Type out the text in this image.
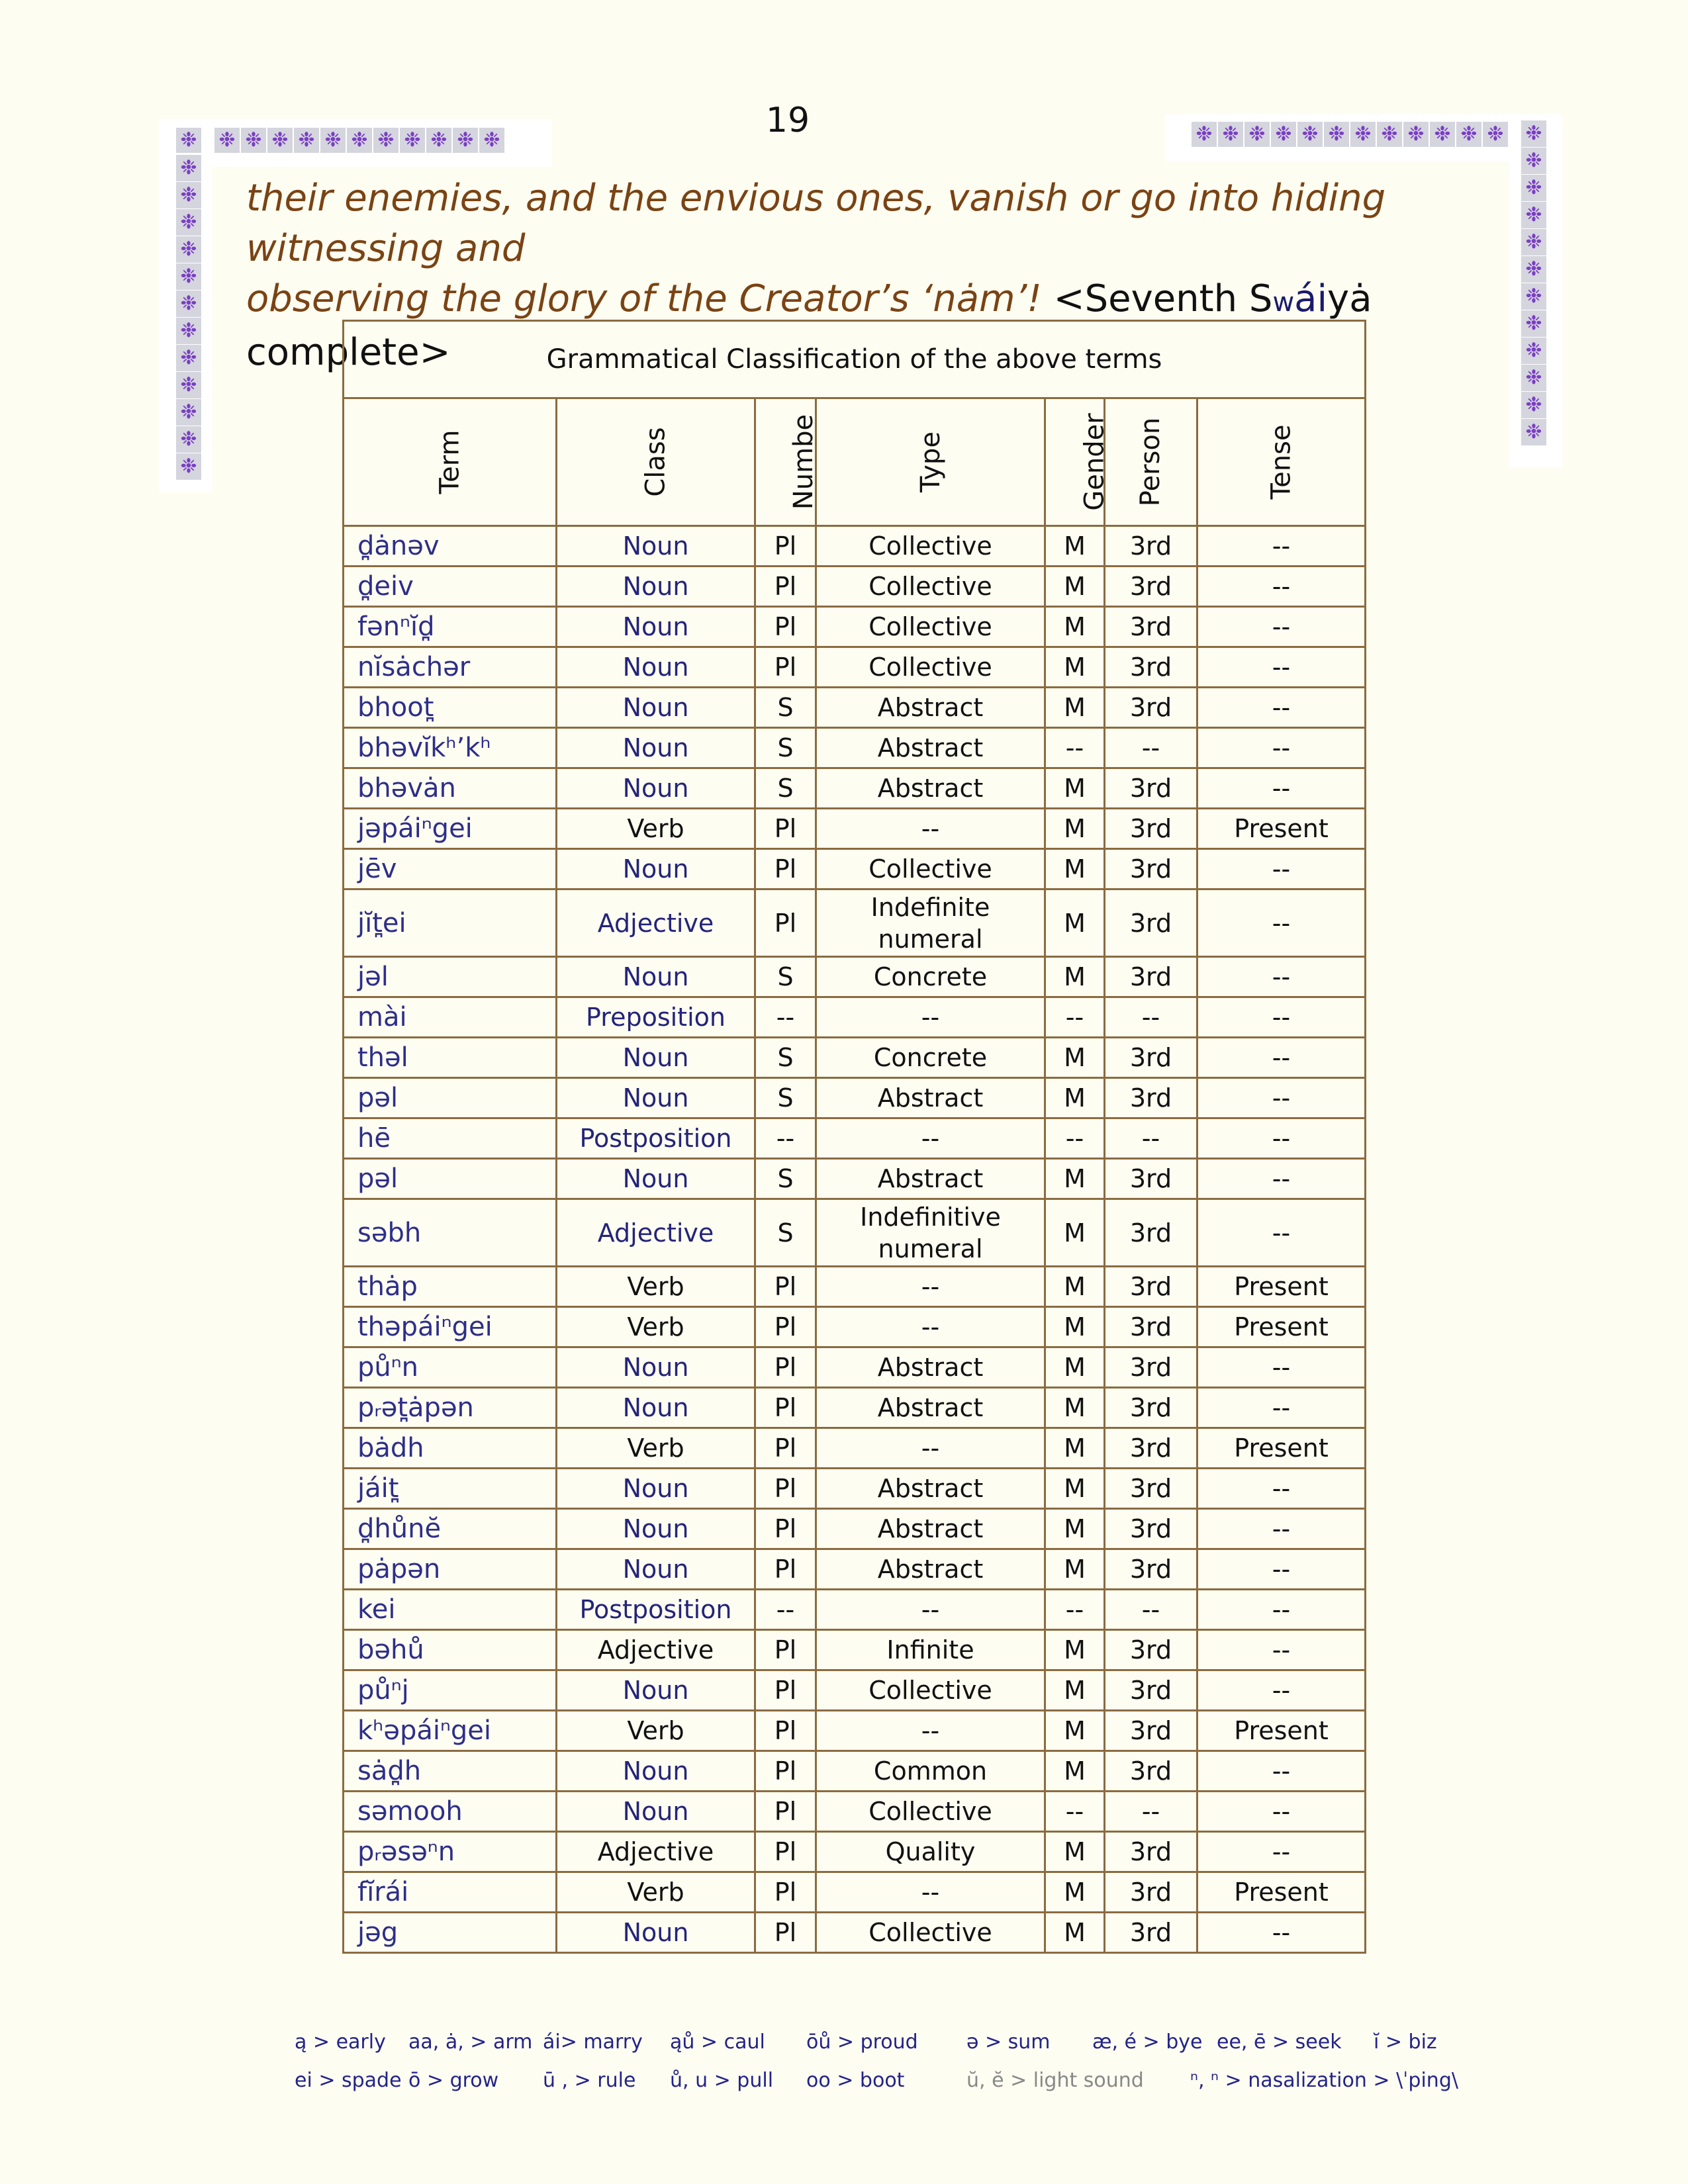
❉ ❉ ❉ ❉ ❉ ❉ ❉ ❉ ❉ ❉ ❉ ❉
❉
❉
❉
❉
❉
❉
❉
❉
❉
❉
❉
❉
❉ ❉ ❉ ❉ ❉ ❉ ❉ ❉ ❉ ❉ ❉ ❉ ❉
❉
❉
❉
❉
❉
❉
❉
❉
❉
❉
❉
19
their enemies, and the envious ones, vanish or go into hiding witnessing and
observing the glory of the Creator’s ‘nȧm’! <Seventh Swáiyȧ complete>	Grammatical Classification of the above terms						
Term	Class	Numbe	Type	Gender	Person	Tense
d̪ȧnəv	Noun	Pl	Collective	M	3rd	--
d̪eiv	Noun	Pl	Collective	M	3rd	--
fənⁿĭd̪	Noun	Pl	Collective	M	3rd	--
nĭsȧchər	Noun	Pl	Collective	M	3rd	--
bhoot̪	Noun	S	Abstract	M	3rd	--
bhəvĭkʰ’kʰ	Noun	S	Abstract	--	--	--
bhəvȧn	Noun	S	Abstract	M	3rd	--
jəpáiⁿgei	Verb	Pl	--	M	3rd	Present
jēv	Noun	Pl	Collective	M	3rd	--
jĭt̪ei	Adjective	Pl	Indefinite numeral	M	3rd	--
jəl	Noun	S	Concrete	M	3rd	--
mài	Preposition	--	--	--	--	--
thəl	Noun	S	Concrete	M	3rd	--
pəl	Noun	S	Abstract	M	3rd	--
hē	Postposition	--	--	--	--	--
pəl	Noun	S	Abstract	M	3rd	--
səbh	Adjective	S	Indefinitive numeral	M	3rd	--
thȧp	Verb	Pl	--	M	3rd	Present
thəpáiⁿgei	Verb	Pl	--	M	3rd	Present
půⁿn	Noun	Pl	Abstract	M	3rd	--
pᵣət̪ȧpən	Noun	Pl	Abstract	M	3rd	--
bȧdh	Verb	Pl	--	M	3rd	Present
jáit̪	Noun	Pl	Abstract	M	3rd	--
d̪hůnĕ	Noun	Pl	Abstract	M	3rd	--
pȧpən	Noun	Pl	Abstract	M	3rd	--
kei	Postposition	--	--	--	--	--
bəhů	Adjective	Pl	Infinite	M	3rd	--
půⁿj	Noun	Pl	Collective	M	3rd	--
kʰəpáiⁿgei	Verb	Pl	--	M	3rd	Present
sȧd̪h	Noun	Pl	Common	M	3rd	--
səmooh	Noun	Pl	Collective	--	--	--
pᵣəsəⁿn	Adjective	Pl	Quality	M	3rd	--
fĭrái	Verb	Pl	--	M	3rd	Present
jəg	Noun	Pl	Collective	M	3rd	--
ą > early aa, ȧ, > arm ái> marry ąů > caul ōů > proud ə > sum æ, é > bye ee, ē > seek ĭ > biz
ei > spade ō > grow ū , > rule ů, u > pull oo > boot	ŭ, ĕ > light sound ⁿ, ⁿ > nasalization > \ˈping\
